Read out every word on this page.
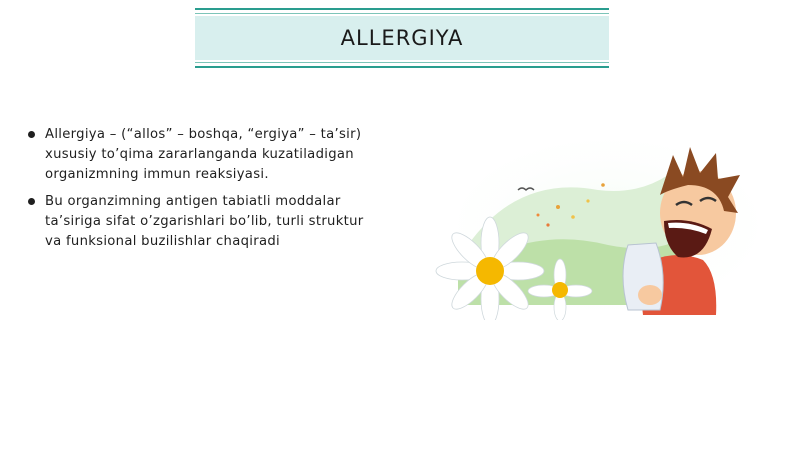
ALLERGIYA
Allergiya – (“allos” – boshqa, “ergiya” – ta’sir) xususiy to’qima zararlanganda kuzatiladigan organizmning immun reaksiyasi.
Bu organzimning antigen tabiatli moddalar ta’siriga sifat o’zgarishlari bo’lib, turli struktur va funksional buzilishlar chaqiradi
